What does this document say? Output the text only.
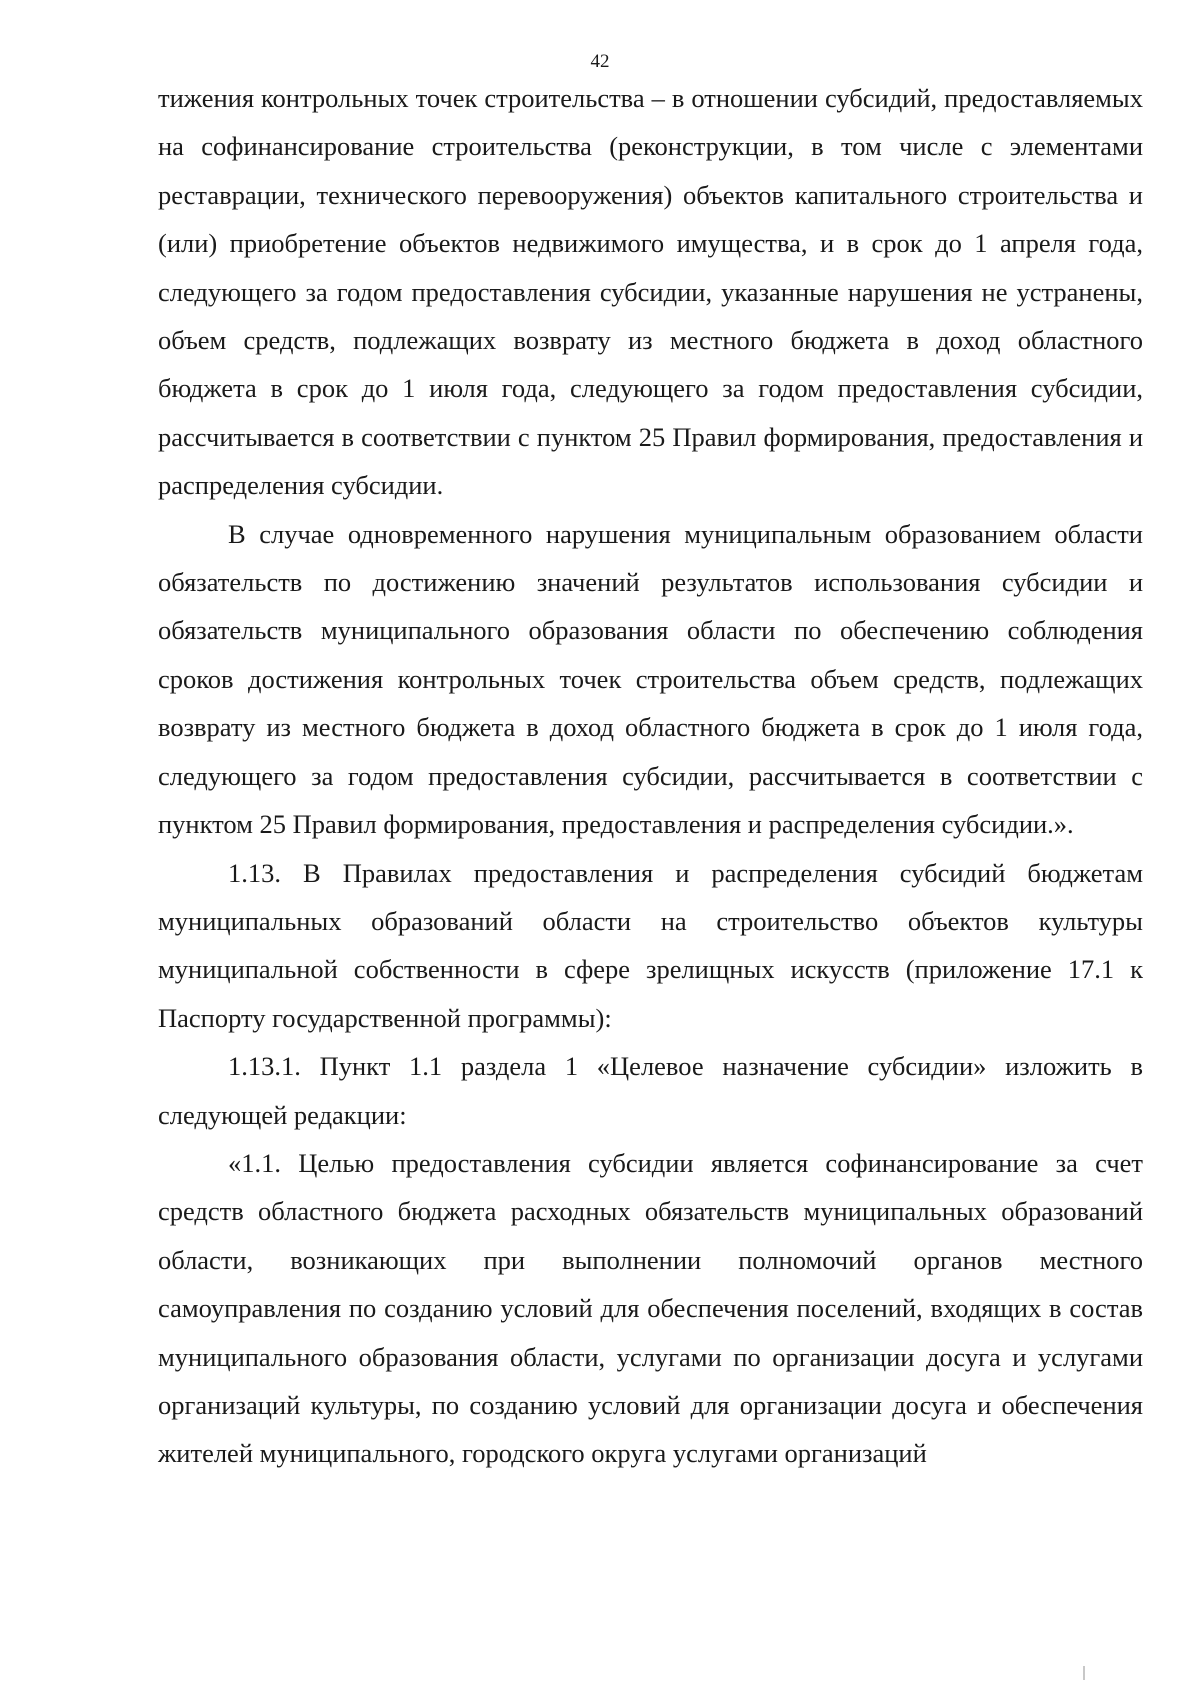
42

тижения контрольных точек строительства – в отношении субсидий, предоставляемых на софинансирование строительства (реконструкции, в том числе с элементами реставрации, технического перевооружения) объектов капитального строительства и (или) приобретение объектов недвижимого имущества, и в срок до 1 апреля года, следующего за годом предоставления субсидии, указанные нарушения не устранены, объем средств, подлежащих возврату из местного бюджета в доход областного бюджета в срок до 1 июля года, следующего за годом предоставления субсидии, рассчитывается в соответствии с пунктом 25 Правил формирования, предоставления и распределения субсидии.

В случае одновременного нарушения муниципальным образованием области обязательств по достижению значений результатов использования субсидии и обязательств муниципального образования области по обеспечению соблюдения сроков достижения контрольных точек строительства объем средств, подлежащих возврату из местного бюджета в доход областного бюджета в срок до 1 июля года, следующего за годом предоставления субсидии, рассчитывается в соответствии с пунктом 25 Правил формирования, предоставления и распределения субсидии.».

1.13. В Правилах предоставления и распределения субсидий бюджетам муниципальных образований области на строительство объектов культуры муниципальной собственности в сфере зрелищных искусств (приложение 17.1 к Паспорту государственной программы):

1.13.1. Пункт 1.1 раздела 1 «Целевое назначение субсидии» изложить в следующей редакции:

«1.1. Целью предоставления субсидии является софинансирование за счет средств областного бюджета расходных обязательств муниципальных образований области, возникающих при выполнении полномочий органов местного самоуправления по созданию условий для обеспечения поселений, входящих в состав муниципального образования области, услугами по организации досуга и услугами организаций культуры, по созданию условий для организации досуга и обеспечения жителей муниципального, городского округа услугами организаций
